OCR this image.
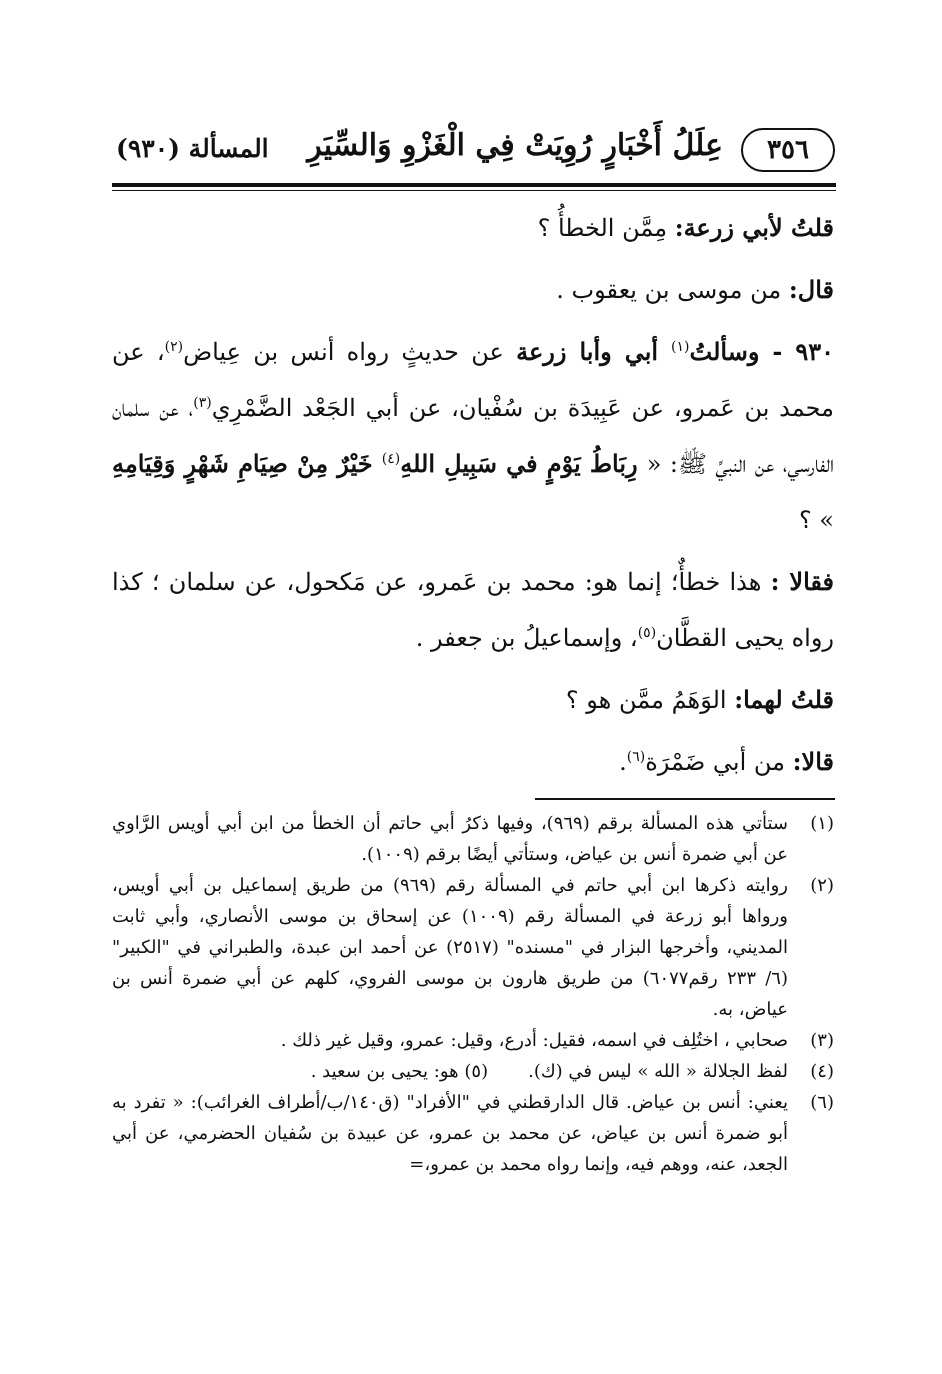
٣٥٦
عِلَلُ أَخْبَارٍ رُوِيَتْ فِي الْغَزْوِ وَالسِّيَرِ
المسألة (٩٣٠)

قلتُ لأبي زرعة: مِمَّن الخطأُ ؟

قال: من موسى بن يعقوب .

٩٣٠ - وسألتُ$^{(١)}$ أبي وأبا زرعة عن حديثٍ رواه أنس بن عِياض$^{(٢)}$، عن محمد بن عَمرو، عن عَبِيدَة بن سُفْيان، عن أبي الجَعْد الضَّمْرِي$^{(٣)}$، عن سلمان الفارسي، عن النبيِّ ﷺ: « رِبَاطُ يَوْمٍ في سَبِيلِ اللهِ$^{(٤)}$ خَيْرٌ مِنْ صِيَامِ شَهْرٍ وَقِيَامِهِ » ؟

فقالا : هذا خطأٌ؛ إنما هو: محمد بن عَمرو، عن مَكحول، عن سلمان ؛ كذا رواه يحيى القطَّان$^{(٥)}$، وإسماعيلُ بن جعفر .

قلتُ لهما: الوَهَمُ ممَّن هو ؟

قالا: من أبي ضَمْرَة$^{(٦)}$.

(١)
ستأتي هذه المسألة برقم (٩٦٩)، وفيها ذكرُ أبي حاتم أن الخطأ من ابن أبي أويس الرَّاوي عن أبي ضمرة أنس بن عياض، وستأتي أيضًا برقم (١٠٠٩).
(٢)
روايته ذكرها ابن أبي حاتم في المسألة رقم (٩٦٩) من طريق إسماعيل بن أبي أويس، ورواها أبو زرعة في المسألة رقم (١٠٠٩) عن إسحاق بن موسى الأنصاري، وأبي ثابت المديني، وأخرجها البزار في "مسنده" (٢٥١٧) عن أحمد ابن عبدة، والطبراني في "الكبير" (٦/ ٢٣٣ رقم٦٠٧٧) من طريق هارون بن موسى الفروي، كلهم عن أبي ضمرة أنس بن عياض، به.
(٣)
صحابي ، اختُلِف في اسمه، فقيل: أدرع، وقيل: عمرو، وقيل غير ذلك .
(٤)
لفظ الجلالة « الله » ليس في (ك).(٥) هو: يحيى بن سعيد .
(٦)
يعني: أنس بن عياض. قال الدارقطني في "الأفراد" (ق١٤٠/ب/أطراف الغرائب): « تفرد به أبو ضمرة أنس بن عياض، عن محمد بن عمرو، عن عبيدة بن سُفيان الحضرمي، عن أبي الجعد، عنه، ووهم فيه، وإنما رواه محمد بن عمرو،=
